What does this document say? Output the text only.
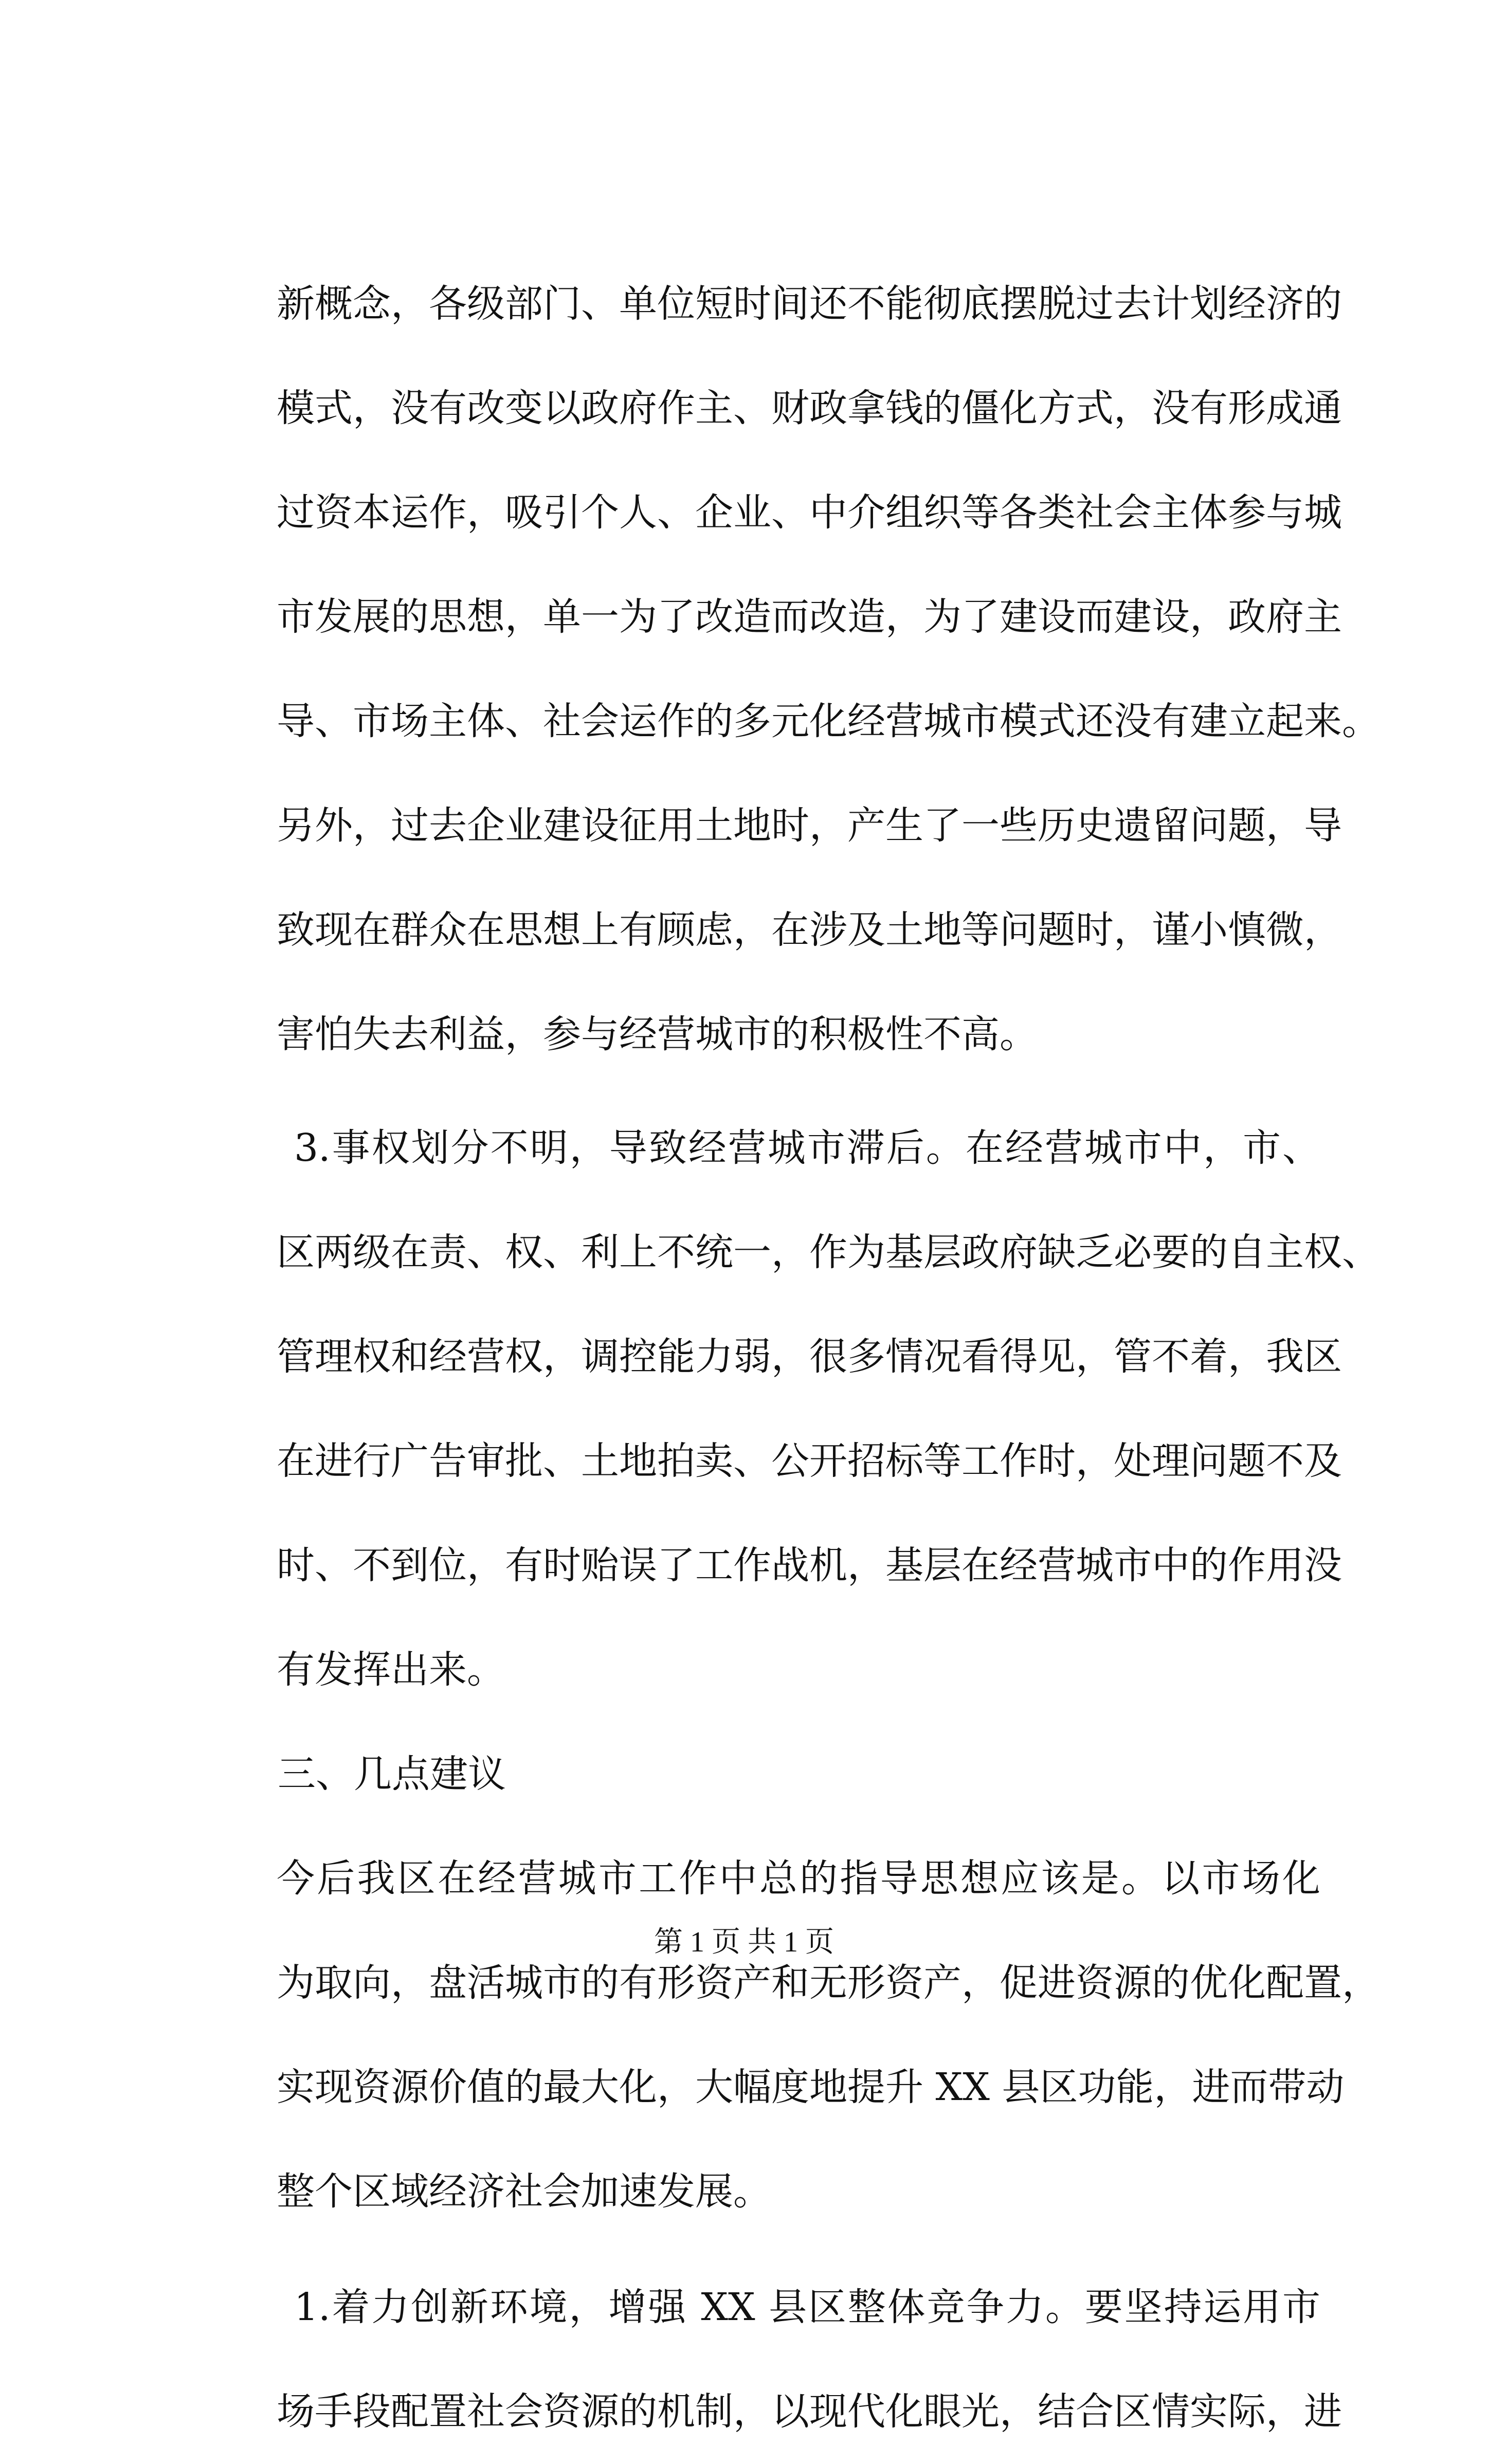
新概念，各级部门、单位短时间还不能彻底摆脱过去计划经济的
模式，没有改变以政府作主、财政拿钱的僵化方式，没有形成通
过资本运作，吸引个人、企业、中介组织等各类社会主体参与城
市发展的思想，单一为了改造而改造，为了建设而建设，政府主
导、市场主体、社会运作的多元化经营城市模式还没有建立起来。
另外，过去企业建设征用土地时，产生了一些历史遗留问题，导
致现在群众在思想上有顾虑，在涉及土地等问题时，谨小慎微，
害怕失去利益，参与经营城市的积极性不高。
3.事权划分不明，导致经营城市滞后。在经营城市中，市、
区两级在责、权、利上不统一，作为基层政府缺乏必要的自主权、
管理权和经营权，调控能力弱，很多情况看得见，管不着，我区
在进行广告审批、土地拍卖、公开招标等工作时，处理问题不及
时、不到位，有时贻误了工作战机，基层在经营城市中的作用没
有发挥出来。
三、几点建议
今后我区在经营城市工作中总的指导思想应该是。以市场化
为取向，盘活城市的有形资产和无形资产，促进资源的优化配置，
实现资源价值的最大化，大幅度地提升 XX 县区功能，进而带动
整个区域经济社会加速发展。
1.着力创新环境，增强 XX 县区整体竞争力。要坚持运用市
场手段配置社会资源的机制，以现代化眼光，结合区情实际，进
第 1 页 共 1 页
